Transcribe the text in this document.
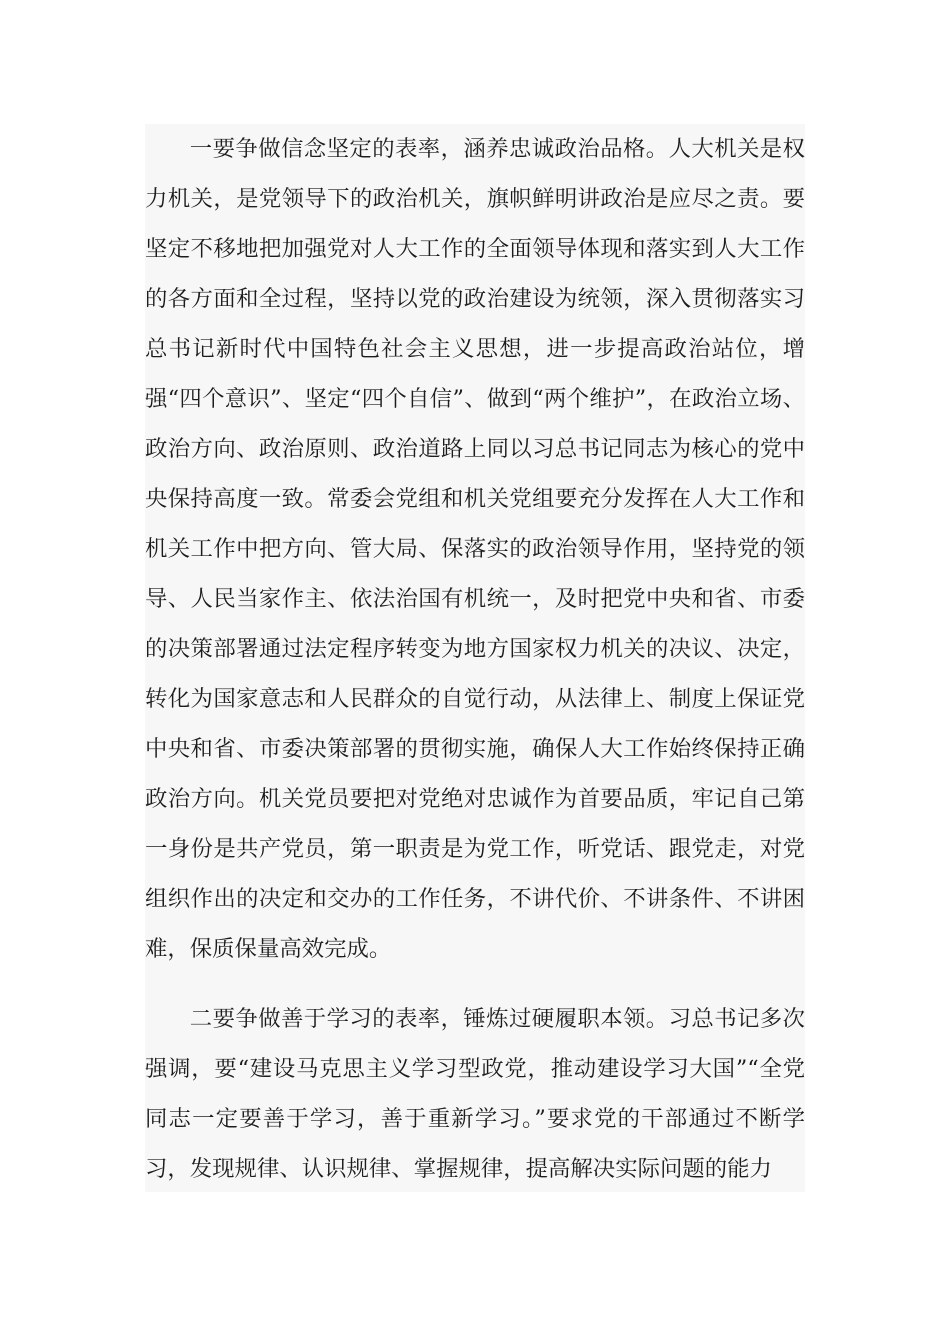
一要争做信念坚定的表率，涵养忠诚政治品格。人大机关是权力机关，是党领导下的政治机关，旗帜鲜明讲政治是应尽之责。要坚定不移地把加强党对人大工作的全面领导体现和落实到人大工作的各方面和全过程，坚持以党的政治建设为统领，深入贯彻落实习总书记新时代中国特色社会主义思想，进一步提高政治站位，增强“四个意识”、坚定“四个自信”、做到“两个维护”，在政治立场、政治方向、政治原则、政治道路上同以习总书记同志为核心的党中央保持高度一致。常委会党组和机关党组要充分发挥在人大工作和机关工作中把方向、管大局、保落实的政治领导作用，坚持党的领导、人民当家作主、依法治国有机统一，及时把党中央和省、市委的决策部署通过法定程序转变为地方国家权力机关的决议、决定，转化为国家意志和人民群众的自觉行动，从法律上、制度上保证党中央和省、市委决策部署的贯彻实施，确保人大工作始终保持正确政治方向。机关党员要把对党绝对忠诚作为首要品质，牢记自己第一身份是共产党员，第一职责是为党工作，听党话、跟党走，对党组织作出的决定和交办的工作任务，不讲代价、不讲条件、不讲困难，保质保量高效完成。

二要争做善于学习的表率，锤炼过硬履职本领。习总书记多次强调，要“建设马克思主义学习型政党，推动建设学习大国”“全党同志一定要善于学习，善于重新学习。”要求党的干部通过不断学习，发现规律、认识规律、掌握规律，提高解决实际问题的能力
